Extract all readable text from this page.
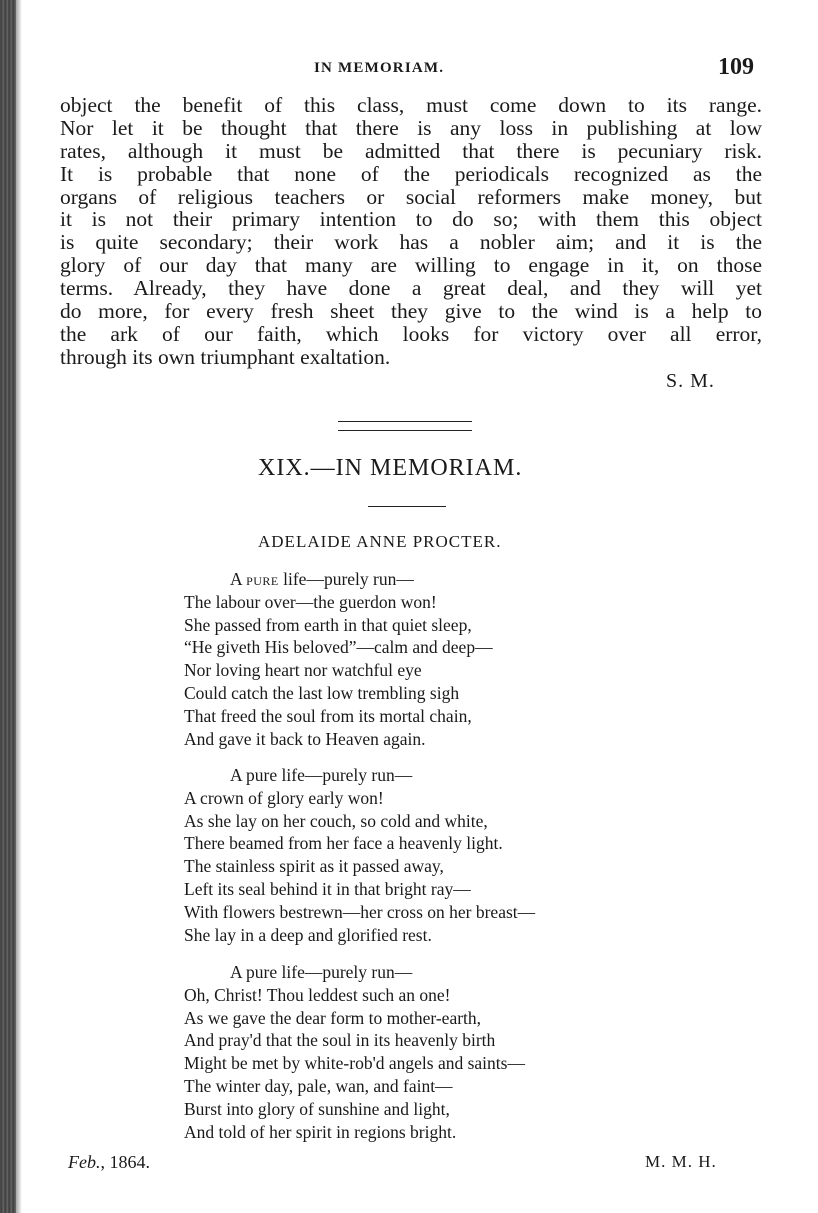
IN MEMORIAM.	109
object the benefit of this class, must come down to its range.
Nor let it be thought that there is any loss in publishing at low
rates, although it must be admitted that there is pecuniary risk.
It is probable that none of the periodicals recognized as the
organs of religious teachers or social reformers make money, but
it is not their primary intention to do so; with them this object
is quite secondary; their work has a nobler aim; and it is the
glory of our day that many are willing to engage in it, on those
terms. Already, they have done a great deal, and they will yet
do more, for every fresh sheet they give to the wind is a help to
the ark of our faith, which looks for victory over all error,
through its own triumphant exaltation.
S. M.
XIX.—IN MEMORIAM.
ADELAIDE ANNE PROCTER.
A pure life—purely run—
The labour over—the guerdon won!
She passed from earth in that quiet sleep,
“He giveth His beloved”—calm and deep—
Nor loving heart nor watchful eye
Could catch the last low trembling sigh
That freed the soul from its mortal chain,
And gave it back to Heaven again.
A pure life—purely run—
A crown of glory early won!
As she lay on her couch, so cold and white,
There beamed from her face a heavenly light.
The stainless spirit as it passed away,
Left its seal behind it in that bright ray—
With flowers bestrewn—her cross on her breast—
She lay in a deep and glorified rest.
A pure life—purely run—
Oh, Christ! Thou leddest such an one!
As we gave the dear form to mother-earth,
And pray'd that the soul in its heavenly birth
Might be met by white-rob'd angels and saints—
The winter day, pale, wan, and faint—
Burst into glory of sunshine and light,
And told of her spirit in regions bright.
Feb., 1864.	M. M. H.
